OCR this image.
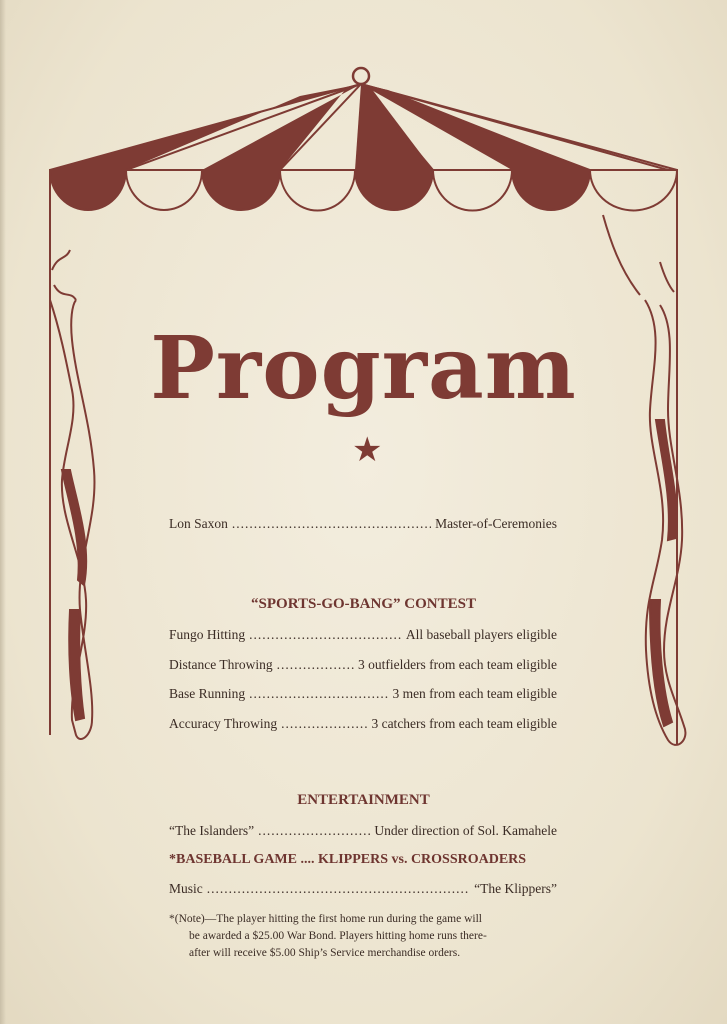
Program
★
Lon Saxon .....	Master-of-Ceremonies
“SPORTS-GO-BANG” CONTEST
Fungo Hitting .....	All baseball players eligible
Distance Throwing .....	3 outfielders from each team eligible
Base Running .....	3 men from each team eligible
Accuracy Throwing .....	3 catchers from each team eligible
ENTERTAINMENT
“The Islanders” .....	Under direction of Sol. Kamahele
*BASEBALL GAME .... KLIPPERS vs. CROSSROADERS
Music .....	“The Klippers”
*(Note)—The player hitting the first home run during the game will
be awarded a $25.00 War Bond. Players hitting home runs there-
after will receive $5.00 Ship’s Service merchandise orders.
